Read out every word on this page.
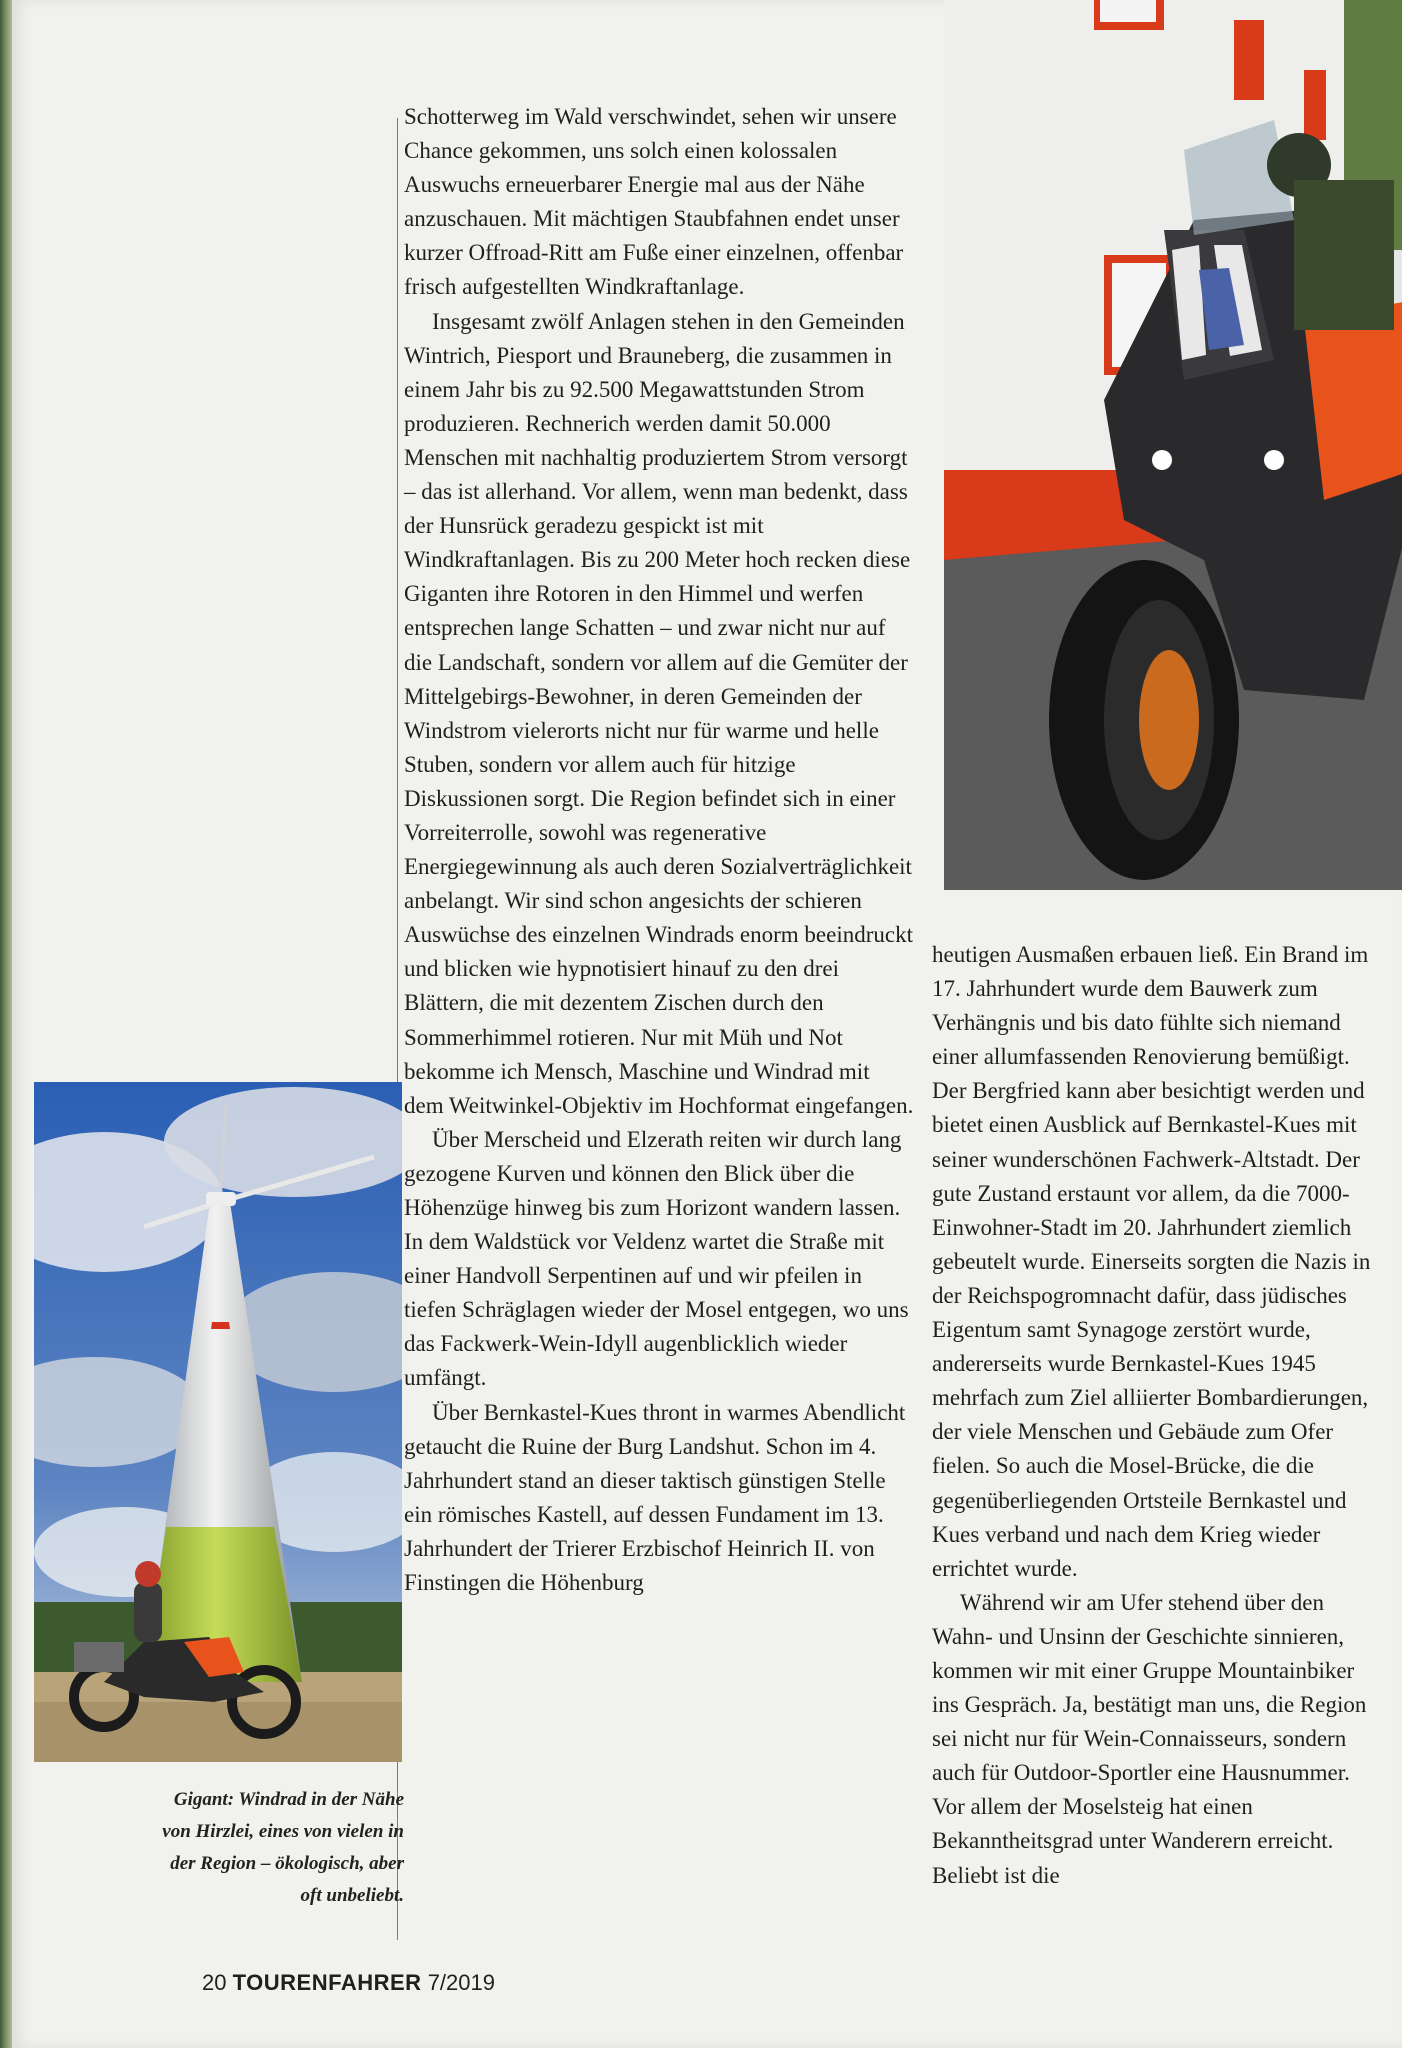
Schotterweg im Wald verschwindet, sehen wir unsere Chance gekommen, uns solch einen kolossalen Auswuchs erneuerbarer Energie mal aus der Nähe anzuschauen. Mit mächtigen Staubfahnen endet unser kurzer Offroad-Ritt am Fuße einer einzelnen, offenbar frisch aufgestellten Windkraftanlage.

Insgesamt zwölf Anlagen stehen in den Gemeinden Wintrich, Piesport und Brauneberg, die zusammen in einem Jahr bis zu 92.500 Megawattstunden Strom produzieren. Rechnerich werden damit 50.000 Menschen mit nachhaltig produziertem Strom versorgt – das ist allerhand. Vor allem, wenn man bedenkt, dass der Hunsrück geradezu gespickt ist mit Windkraftanlagen. Bis zu 200 Meter hoch recken diese Giganten ihre Rotoren in den Himmel und werfen entsprechen lange Schatten – und zwar nicht nur auf die Landschaft, sondern vor allem auf die Gemüter der Mittelgebirgs-Bewohner, in deren Gemeinden der Windstrom vielerorts nicht nur für warme und helle Stuben, sondern vor allem auch für hitzige Diskussionen sorgt. Die Region befindet sich in einer Vorreiterrolle, sowohl was regenerative Energiegewinnung als auch deren Sozialverträglichkeit anbelangt. Wir sind schon angesichts der schieren Auswüchse des einzelnen Windrads enorm beeindruckt und blicken wie hypnotisiert hinauf zu den drei Blättern, die mit dezentem Zischen durch den Sommerhimmel rotieren. Nur mit Müh und Not bekomme ich Mensch, Maschine und Windrad mit dem Weitwinkel-Objektiv im Hochformat eingefangen.

Über Merscheid und Elzerath reiten wir durch lang gezogene Kurven und können den Blick über die Höhenzüge hinweg bis zum Horizont wandern lassen. In dem Waldstück vor Veldenz wartet die Straße mit einer Handvoll Serpentinen auf und wir pfeilen in tiefen Schräglagen wieder der Mosel entgegen, wo uns das Fackwerk-Wein-Idyll augenblicklich wieder umfängt.

Über Bernkastel-Kues thront in warmes Abendlicht getaucht die Ruine der Burg Landshut. Schon im 4. Jahrhundert stand an dieser taktisch günstigen Stelle ein römisches Kastell, auf dessen Fundament im 13. Jahrhundert der Trierer Erzbischof Heinrich II. von Finstingen die Höhenburg

heutigen Ausmaßen erbauen ließ. Ein Brand im 17. Jahrhundert wurde dem Bauwerk zum Verhängnis und bis dato fühlte sich niemand einer allumfassenden Renovierung bemüßigt. Der Bergfried kann aber besichtigt werden und bietet einen Ausblick auf Bernkastel-Kues mit seiner wunderschönen Fachwerk-Altstadt. Der gute Zustand erstaunt vor allem, da die 7000-Einwohner-Stadt im 20. Jahrhundert ziemlich gebeutelt wurde. Einerseits sorgten die Nazis in der Reichspogromnacht dafür, dass jüdisches Eigentum samt Synagoge zerstört wurde, andererseits wurde Bernkastel-Kues 1945 mehrfach zum Ziel alliierter Bombardierungen, der viele Menschen und Gebäude zum Ofer fielen. So auch die Mosel-Brücke, die die gegenüberliegenden Ortsteile Bernkastel und Kues verband und nach dem Krieg wieder errichtet wurde.

Während wir am Ufer stehend über den Wahn- und Unsinn der Geschichte sinnieren, kommen wir mit einer Gruppe Mountainbiker ins Gespräch. Ja, bestätigt man uns, die Region sei nicht nur für Wein-Connaisseurs, sondern auch für Outdoor-Sportler eine Hausnummer. Vor allem der Moselsteig hat einen Bekanntheitsgrad unter Wanderern erreicht. Beliebt ist die

Gigant: Windrad in der Nähe von Hirzlei, eines von vielen in der Region – ökologisch, aber oft unbeliebt.
20 TOURENFAHRER 7/2019
